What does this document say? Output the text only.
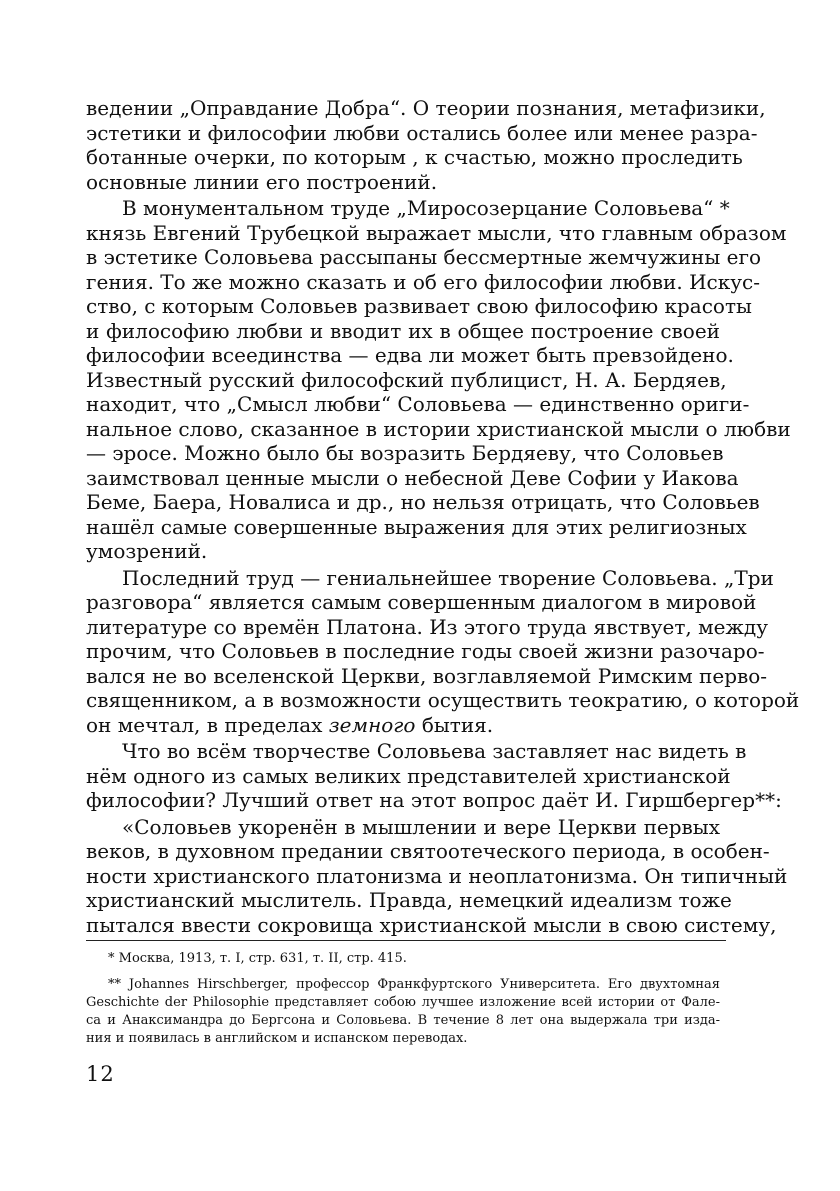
ведении „Оправдание Добра“. О теории познания, метафизики,
эстетики и философии любви остались более или менее разра-
ботанные очерки, по которым , к счастью, можно проследить
основные линии его построений.
В монументальном труде „Миросозерцание Соловьева“ *
князь Евгений Трубецкой выражает мысли, что главным образом
в эстетике Соловьева рассыпаны бессмертные жемчужины его
гения. То же можно сказать и об его философии любви. Искус-
ство, с которым Соловьев развивает свою философию красоты
и философию любви и вводит их в общее построение своей
философии всеединства — едва ли может быть превзойдено.
Известный русский философский публицист, Н. А. Бердяев,
находит, что „Смысл любви“ Соловьева — единственно ориги-
нальное слово, сказанное в истории христианской мысли о любви
— эросе. Можно было бы возразить Бердяеву, что Соловьев
заимствовал ценные мысли о небесной Деве Софии у Иакова
Беме, Баера, Новалиса и др., но нельзя отрицать, что Соловьев
нашёл самые совершенные выражения для этих религиозных
умозрений.
Последний труд — гениальнейшее творение Соловьева. „Три
разговора“ является самым совершенным диалогом в мировой
литературе со времён Платона. Из этого труда явствует, между
прочим, что Соловьев в последние годы своей жизни разочаро-
вался не во вселенской Церкви, возглавляемой Римским перво-
священником, а в возможности осуществить теократию, о которой
он мечтал, в пределах земного бытия.
Что во всём творчестве Соловьева заставляет нас видеть в
нём одного из самых великих представителей христианской
философии? Лучший ответ на этот вопрос даёт И. Гиршбергер**:
«Соловьев укоренён в мышлении и вере Церкви первых
веков, в духовном предании святоотеческого периода, в особен-
ности христианского платонизма и неоплатонизма. Он типичный
христианский мыслитель. Правда, немецкий идеализм тоже
пытался ввести сокровища христианской мысли в свою систему,
* Москва, 1913, т. I, стр. 631, т. II, стр. 415.
** Johannes Hirschberger, профессор Франкфуртского Университета. Его двухтомная
Geschichte der Philosophie представляет собою лучшее изложение всей истории от Фале-
са и Анаксимандра до Бергсона и Соловьева. В течение 8 лет она выдержала три изда-
ния и появилась в английском и испанском переводах.
12
